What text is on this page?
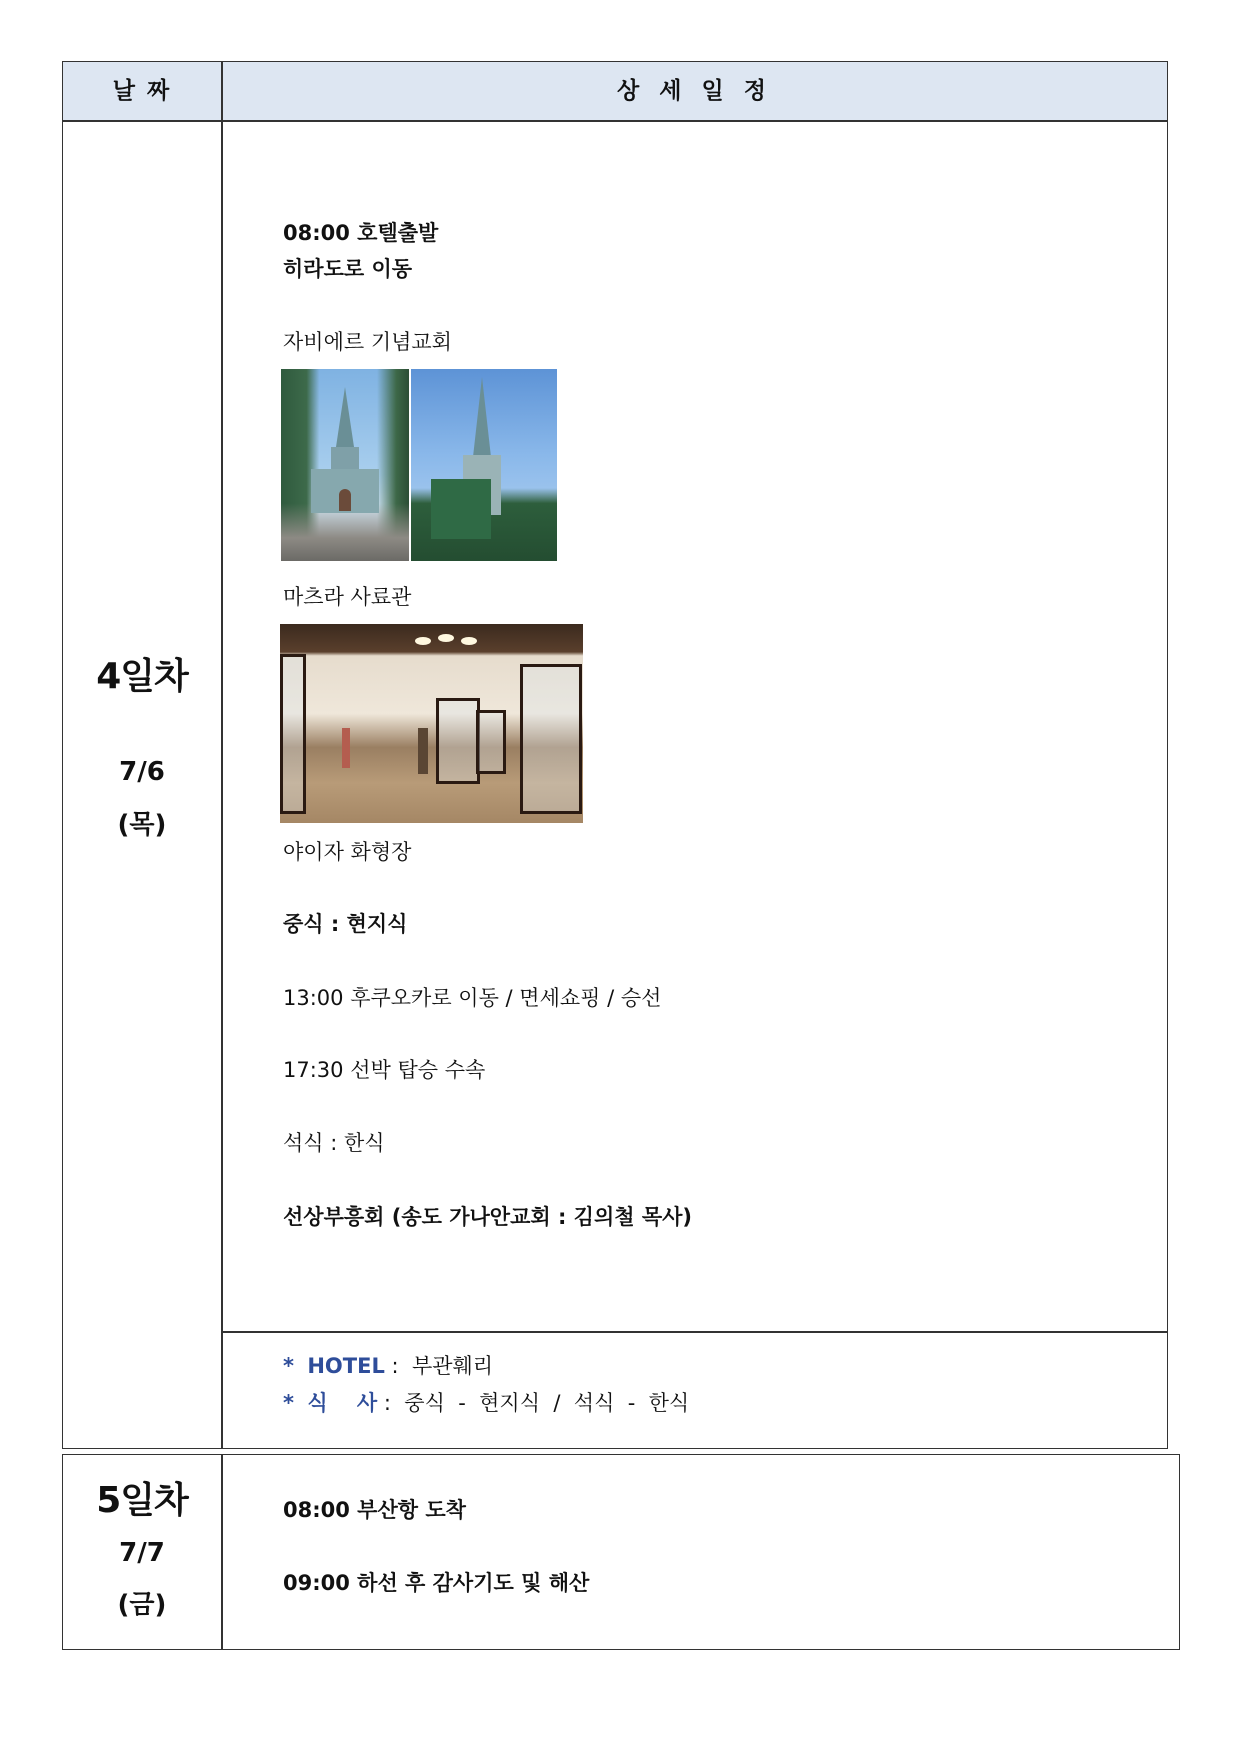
날 짜	상 세 일 정
4일차
7/6
(목)
08:00 호텔출발
히라도로 이동
자비에르 기념교회
마츠라 사료관
야이자 화형장
중식 : 현지식
13:00 후쿠오카로 이동 / 면세쇼핑 / 승선
17:30 선박 탑승 수속
석식 : 한식
선상부흥회 (송도 가나안교회 : 김의철 목사)
* HOTEL : 부관훼리
* 식    사 : 중식  -  현지식  /  석식  -  한식
5일차
7/7
(금)
08:00 부산항 도착
09:00 하선 후 감사기도 및 해산
